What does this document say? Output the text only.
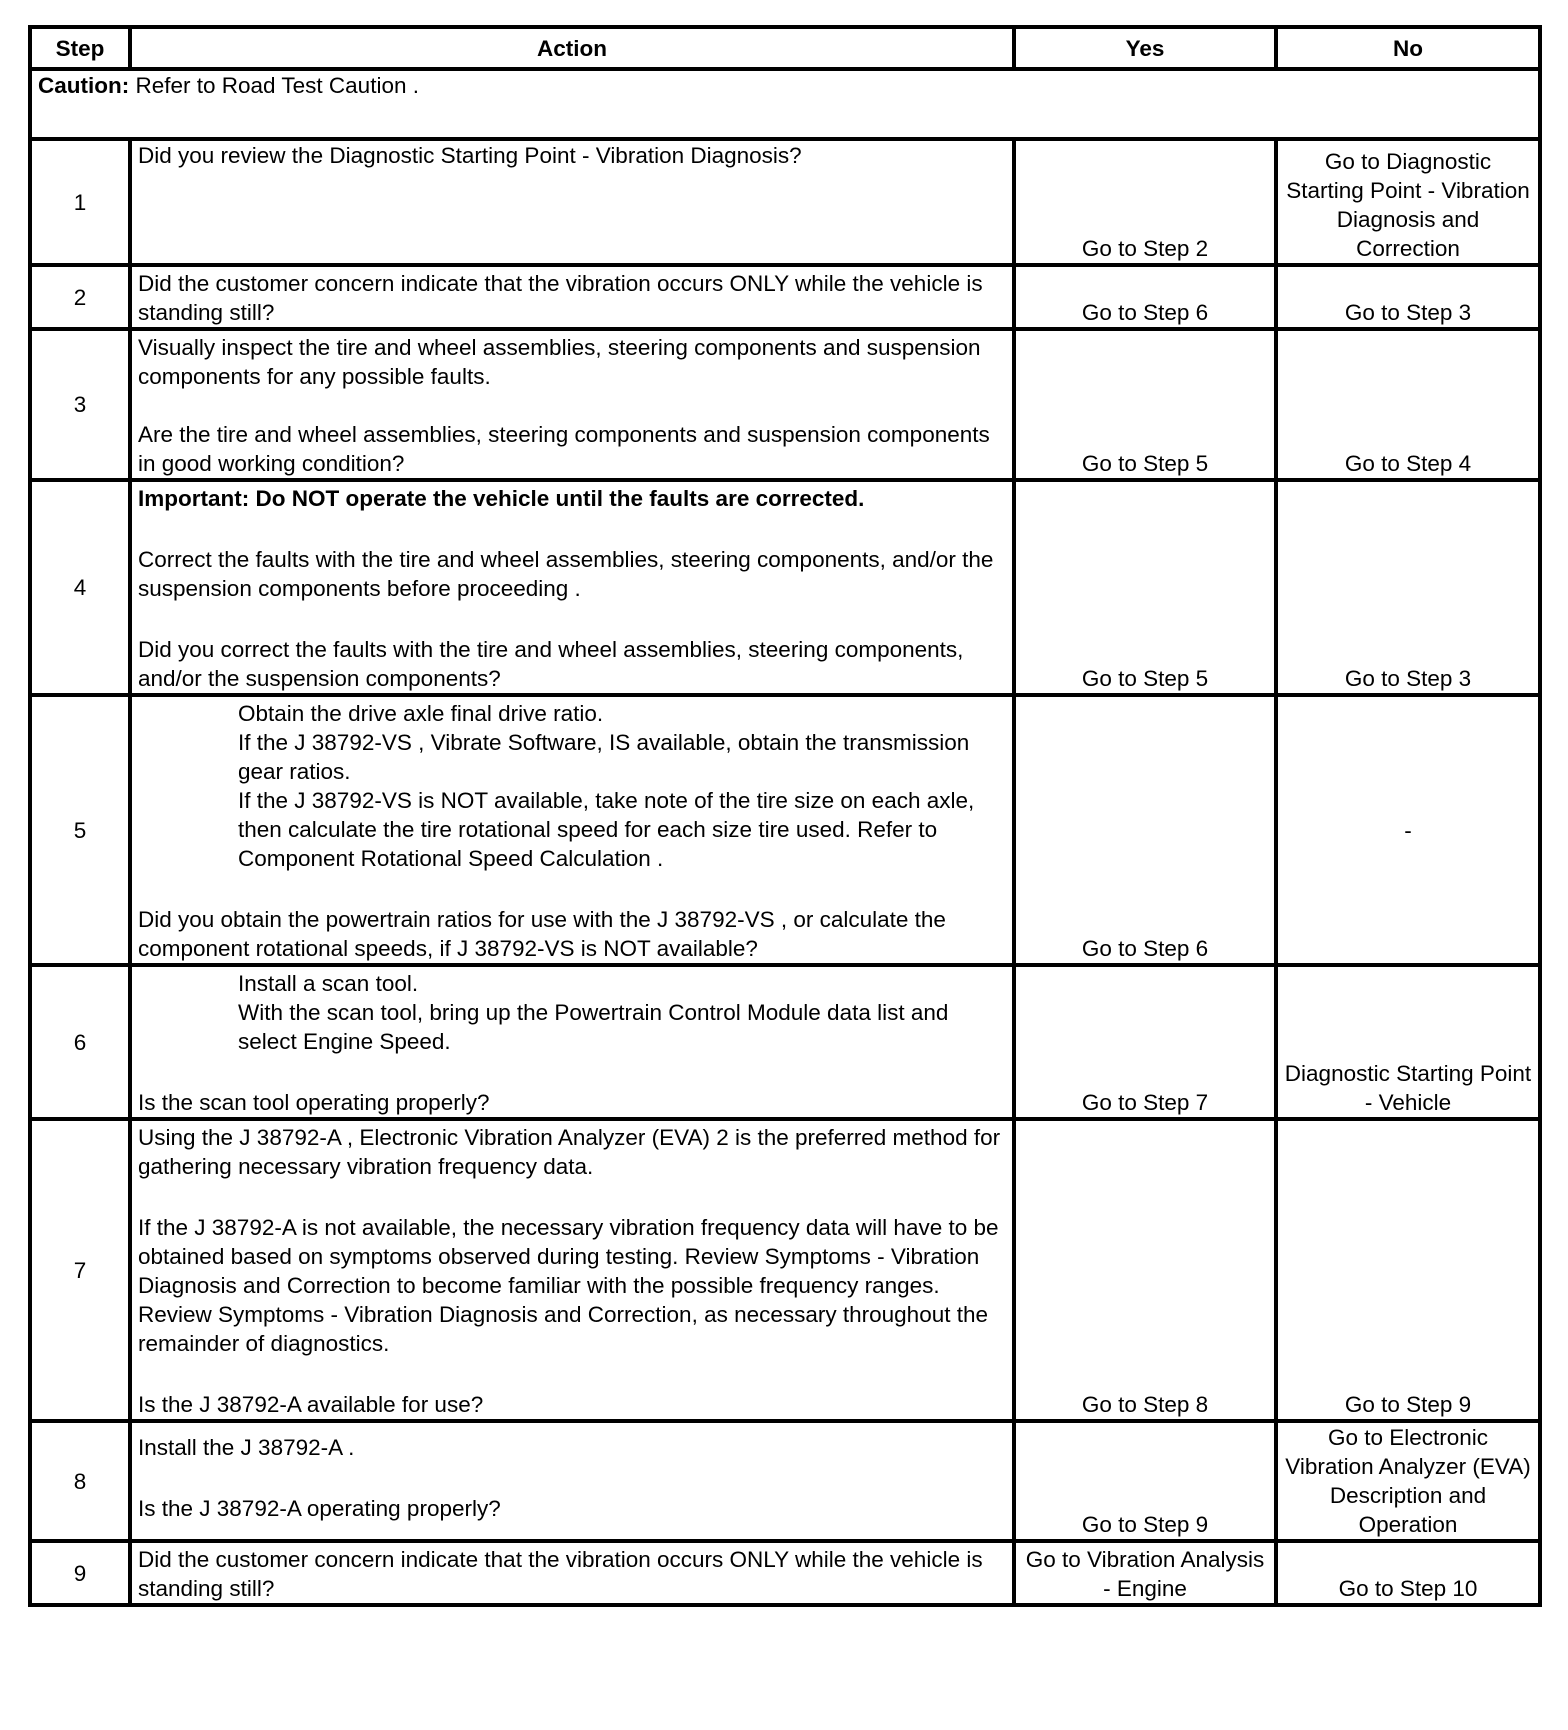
Step	Action	Yes	No
Caution: Refer to Road Test Caution .			
1	Did you review the Diagnostic Starting Point - Vibration Diagnosis?	Go to Step 2	Go to Diagnostic Starting Point - Vibration Diagnosis and Correction
2	Did the customer concern indicate that the vibration occurs ONLY while the vehicle is standing still?	Go to Step 6	Go to Step 3
3	Visually inspect the tire and wheel assemblies, steering components and suspension components for any possible faults.
Are the tire and wheel assemblies, steering components and suspension components in good working condition?	Go to Step 5	Go to Step 4
4	Important: Do NOT operate the vehicle until the faults are corrected.
Correct the faults with the tire and wheel assemblies, steering components, and/or the suspension components before proceeding .
Did you correct the faults with the tire and wheel assemblies, steering components, and/or the suspension components?	Go to Step 5	Go to Step 3
5	Obtain the drive axle final drive ratio.
If the J 38792-VS , Vibrate Software, IS available, obtain the transmission gear ratios.
If the J 38792-VS is NOT available, take note of the tire size on each axle, then calculate the tire rotational speed for each size tire used. Refer to Component Rotational Speed Calculation .
Did you obtain the powertrain ratios for use with the J 38792-VS , or calculate the component rotational speeds, if J 38792-VS is NOT available?	Go to Step 6	-
6	Install a scan tool.
With the scan tool, bring up the Powertrain Control Module data list and select Engine Speed.
Is the scan tool operating properly?	Go to Step 7	Diagnostic Starting Point - Vehicle
7	Using the J 38792-A , Electronic Vibration Analyzer (EVA) 2 is the preferred method for gathering necessary vibration frequency data.
If the J 38792-A is not available, the necessary vibration frequency data will have to be obtained based on symptoms observed during testing. Review Symptoms - Vibration Diagnosis and Correction to become familiar with the possible frequency ranges. Review Symptoms - Vibration Diagnosis and Correction, as necessary throughout the remainder of diagnostics.
Is the J 38792-A available for use?	Go to Step 8	Go to Step 9
8	Install the J 38792-A .
Is the J 38792-A operating properly?	Go to Step 9	Go to Electronic Vibration Analyzer (EVA) Description and Operation
9	Did the customer concern indicate that the vibration occurs ONLY while the vehicle is standing still?	Go to Vibration Analysis - Engine	Go to Step 10
